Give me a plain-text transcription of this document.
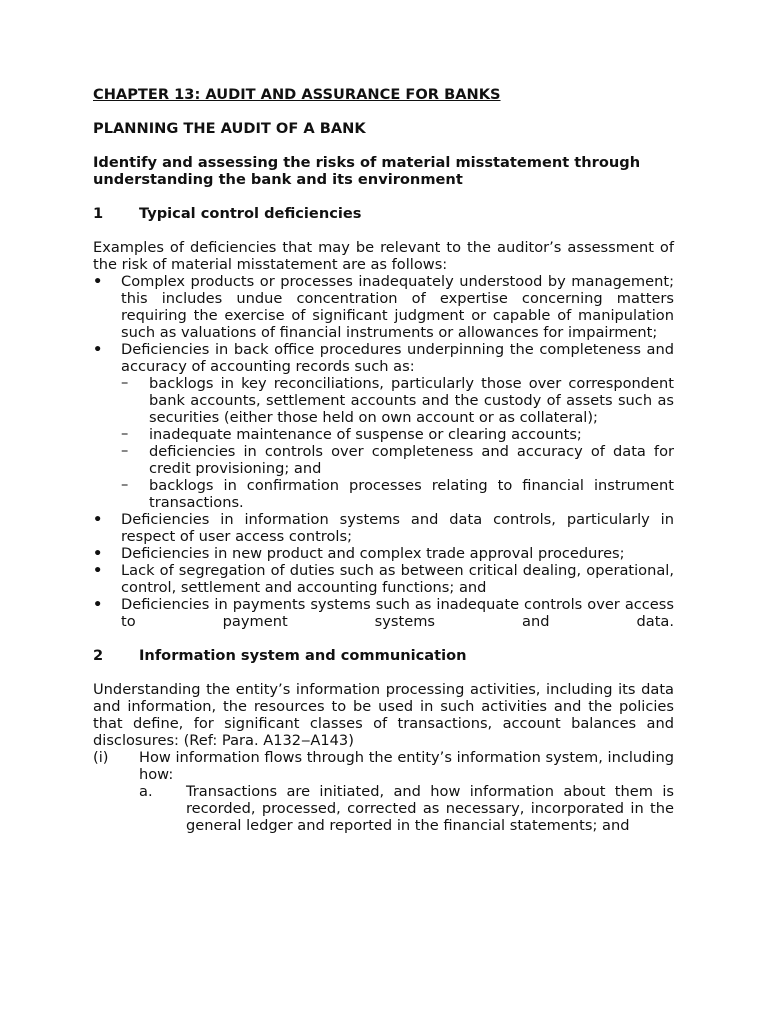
CHAPTER 13: AUDIT AND ASSURANCE FOR BANKS
PLANNING THE AUDIT OF A BANK
Identify and assessing the risks of material misstatement through understanding the bank and its environment
1	Typical control deficiencies

Examples of deficiencies that may be relevant to the auditor’s assessment of the risk of material misstatement are as follows:

• Complex products or processes inadequately understood by management; this includes undue concentration of expertise concerning matters requiring the exercise of significant judgment or capable of manipulation such as valuations of financial instruments or allowances for impairment;
• Deficiencies in back office procedures underpinning the completeness and accuracy of accounting records such as:
– backlogs in key reconciliations, particularly those over correspondent bank accounts, settlement accounts and the custody of assets such as securities (either those held on own account or as collateral);
– inadequate maintenance of suspense or clearing accounts;
– deficiencies in controls over completeness and accuracy of data for credit provisioning; and
– backlogs in confirmation processes relating to financial instrument transactions.
• Deficiencies in information systems and data controls, particularly in respect of user access controls;
• Deficiencies in new product and complex trade approval procedures;
• Lack of segregation of duties such as between critical dealing, operational, control, settlement and accounting functions; and
• Deficiencies in payments systems such as inadequate controls over access to payment systems and data.
2	Information system and communication

Understanding the entity’s information processing activities, including its data and information, the resources to be used in such activities and the policies that define, for significant classes of transactions, account balances and disclosures: (Ref: Para. A132‒A143)

(i)	How information flows through the entity’s information system, including how:
a.	Transactions are initiated, and how information about them is recorded, processed, corrected as necessary, incorporated in the general ledger and reported in the financial statements; and
